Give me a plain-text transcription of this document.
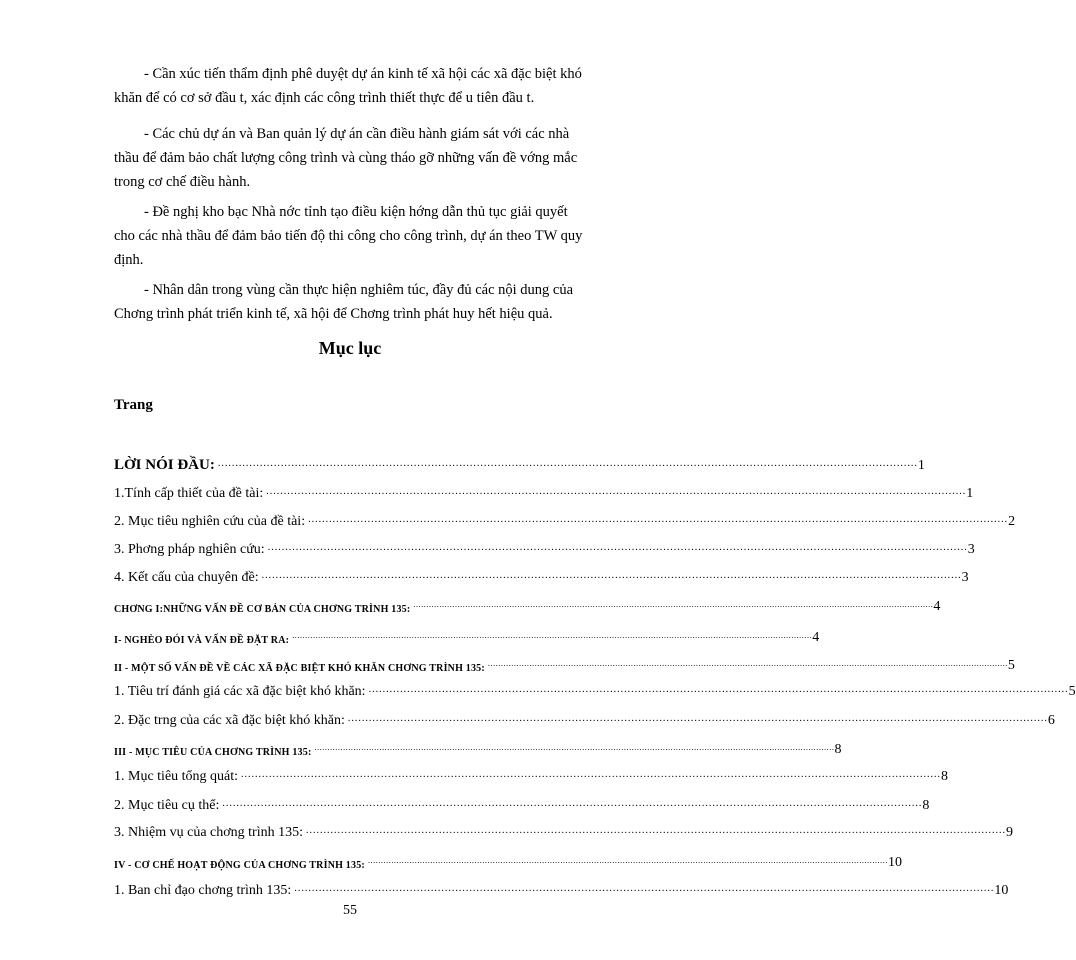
- Cần xúc tiến thẩm định phê duyệt dự án kinh tế xã hội các xã đặc biệt khó
khăn để có cơ sở đầu t, xác định các công trình thiết thực để u tiên đầu t.
- Các chủ dự án và Ban quản lý dự án cần điều hành giám sát với các nhà
thầu để đảm bảo chất lượng công trình và cùng tháo gỡ những vấn đề vớng mắc
trong cơ chế điều hành.
- Đề nghị kho bạc Nhà nớc tỉnh tạo điều kiện hớng dẫn thủ tục giải quyết
cho các nhà thầu để đảm bảo tiến độ thi công cho công trình, dự án theo TW quy
định.
- Nhân dân trong vùng cần thực hiện nghiêm túc, đầy đủ các nội dung của
Chơng trình phát triển kinh tế, xã hội để Chơng trình phát huy hết hiệu quả.
Mục lục
Trang
LỜI NÓI ĐẦU: ........................................................................................................................................................................................................ 1
1.Tính cấp thiết của đề tài: ........................................................................................................................................................................................................ 1
2. Mục tiêu nghiên cứu của đề tài: ........................................................................................................................................................................................................ 2
3. Phơng pháp nghiên cứu: ........................................................................................................................................................................................................ 3
4. Kết cấu của chuyên đề: ........................................................................................................................................................................................................ 3
CHƠNG I:NHỮNG VẤN ĐỀ CƠ BẢN CỦA CHƠNG TRÌNH 135: ........................................................................................................................................................................................................ 4
I- NGHÈO ĐÓI VÀ VẤN ĐỀ ĐẶT RA: ........................................................................................................................................................................................................ 4
II - MỘT SỐ VẤN ĐỀ VỀ CÁC XÃ ĐẶC BIỆT KHÓ KHĂN CHƠNG TRÌNH 135: ........................................................................................................................................................................................................ 5
1. Tiêu trí đánh giá các xã đặc biệt khó khăn: ........................................................................................................................................................................................................ 5
2. Đặc trng của các xã đặc biệt khó khăn: ........................................................................................................................................................................................................ 6
III - MỤC TIÊU CỦA CHƠNG TRÌNH 135: ........................................................................................................................................................................................................ 8
1. Mục tiêu tổng quát: ........................................................................................................................................................................................................ 8
2. Mục tiêu cụ thể: ........................................................................................................................................................................................................ 8
3. Nhiệm vụ của chơng trình 135: ........................................................................................................................................................................................................ 9
IV - CƠ CHẾ HOẠT ĐỘNG CỦA CHƠNG TRÌNH 135: ........................................................................................................................................................................................................ 10
1. Ban chỉ đạo chơng trình 135: ........................................................................................................................................................................................................ 10
55
